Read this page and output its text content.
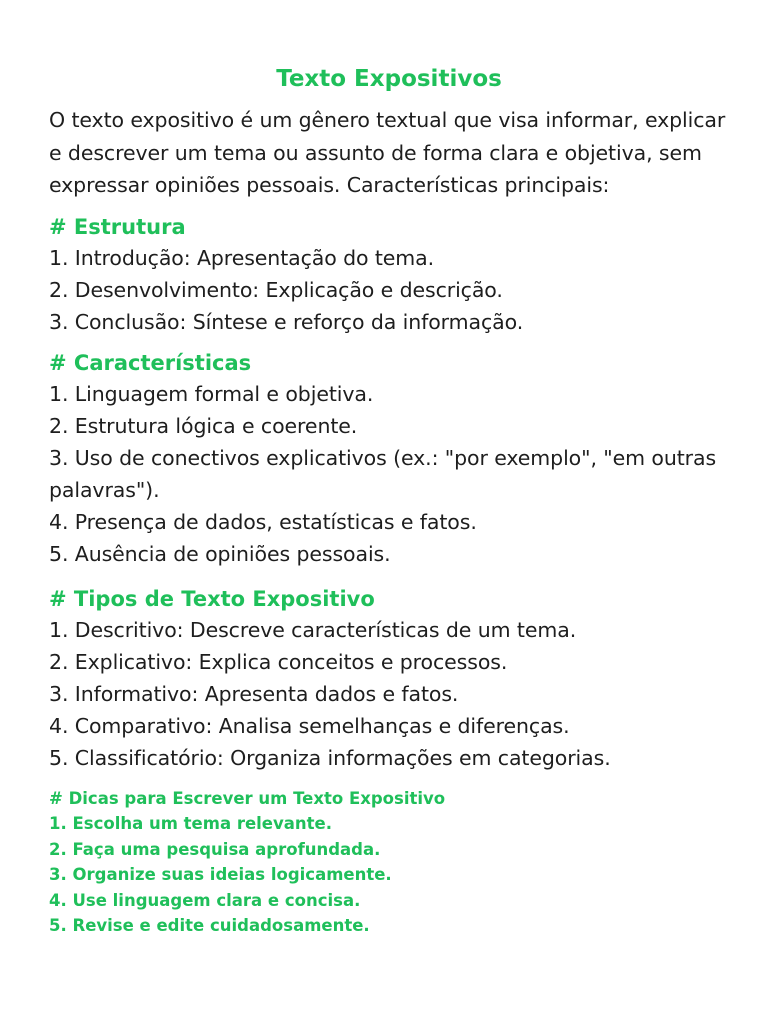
Texto Expositivos

O texto expositivo é um gênero textual que visa informar, explicar e descrever um tema ou assunto de forma clara e objetiva, sem expressar opiniões pessoais. Características principais:

# Estrutura

1. Introdução: Apresentação do tema.

2. Desenvolvimento: Explicação e descrição.

3. Conclusão: Síntese e reforço da informação.

# Características

1. Linguagem formal e objetiva.

2. Estrutura lógica e coerente.

3. Uso de conectivos explicativos (ex.: "por exemplo", "em outras palavras").

4. Presença de dados, estatísticas e fatos.

5. Ausência de opiniões pessoais.

# Tipos de Texto Expositivo

1. Descritivo: Descreve características de um tema.

2. Explicativo: Explica conceitos e processos.

3. Informativo: Apresenta dados e fatos.

4. Comparativo: Analisa semelhanças e diferenças.

5. Classificatório: Organiza informações em categorias.

# Dicas para Escrever um Texto Expositivo

1. Escolha um tema relevante.

2. Faça uma pesquisa aprofundada.

3. Organize suas ideias logicamente.

4. Use linguagem clara e concisa.

5. Revise e edite cuidadosamente.
